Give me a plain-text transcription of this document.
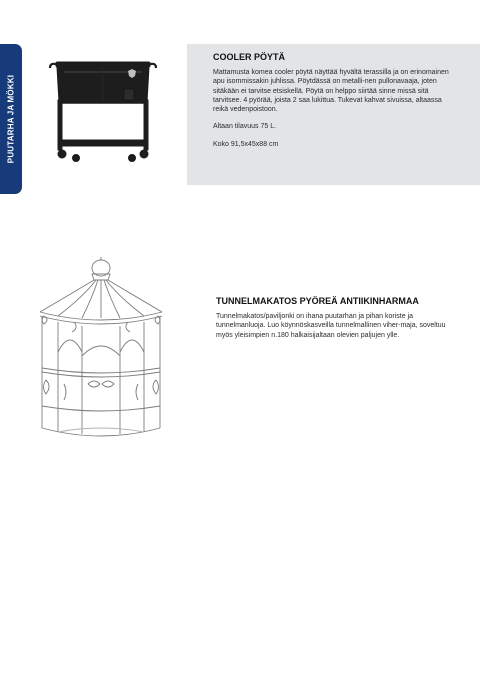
PUUTARHA JA MÖKKI
COOLER PÖYTÄ

Mattamusta komea cooler pöytä näyttää hyvältä terassilla ja on erinomainen apu isommissakin juhlissa. Pöytdässä on metalli-nen pullonavaaja, joten sitäkään ei tarvitse etsiskellä. Pöytä on helppo siirtää sinne missä sitä tarvitsee. 4 pyörää, joista 2 saa lukittua. Tukevat kahvat sivuissa, altaassa reikä vedenpoistoon.

Altaan tilavuus 75 L.

Koko 91,5x45x88 cm

TUNNELMAKATOS PYÖREÄ ANTIIKINHARMAA

Tunnelmakatos/paviljonki on ihana puutarhan ja pihan koriste ja tunnelmanluoja. Luo köynnöskasveilla tunnelmallinen viher-maja, soveltuu myös yleisimpien n.180 halkaisijaltaan olevien paljujen ylle.
